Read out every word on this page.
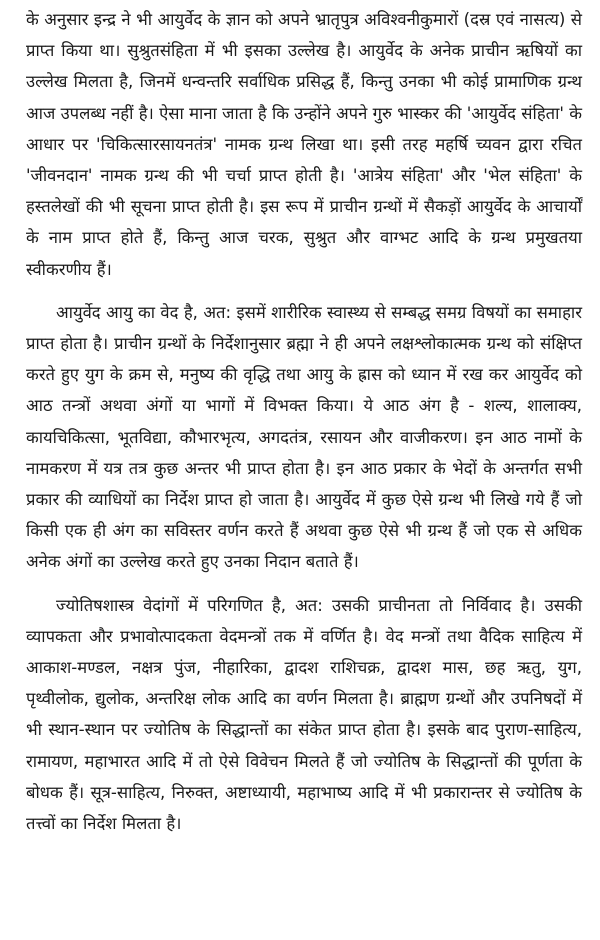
के अनुसार इन्द्र ने भी आयुर्वेद के ज्ञान को अपने भ्रातृपुत्र अविश्वनीकुमारों (दस्र एवं नासत्य) से प्राप्त किया था। सुश्रुतसंहिता में भी इसका उल्लेख है। आयुर्वेद के अनेक प्राचीन ऋषियों का उल्लेख मिलता है, जिनमें धन्वन्तरि सर्वाधिक प्रसिद्ध हैं, किन्तु उनका भी कोई प्रामाणिक ग्रन्थ आज उपलब्ध नहीं है। ऐसा माना जाता है कि उन्होंने अपने गुरु भास्कर की 'आयुर्वेद संहिता' के आधार पर 'चिकित्सारसायनतंत्र' नामक ग्रन्थ लिखा था। इसी तरह महर्षि च्यवन द्वारा रचित 'जीवनदान' नामक ग्रन्थ की भी चर्चा प्राप्त होती है। 'आत्रेय संहिता' और 'भेल संहिता' के हस्तलेखों की भी सूचना प्राप्त होती है। इस रूप में प्राचीन ग्रन्थों में सैकड़ों आयुर्वेद के आचार्यों के नाम प्राप्त होते हैं, किन्तु आज चरक, सुश्रुत और वाग्भट आदि के ग्रन्थ प्रमुखतया स्वीकरणीय हैं।

आयुर्वेद आयु का वेद है, अत: इसमें शारीरिक स्वास्थ्य से सम्बद्ध समग्र विषयों का समाहार प्राप्त होता है। प्राचीन ग्रन्थों के निर्देशानुसार ब्रह्मा ने ही अपने लक्षश्लोकात्मक ग्रन्थ को संक्षिप्त करते हुए युग के क्रम से, मनुष्य की वृद्धि तथा आयु के ह्रास को ध्यान में रख कर आयुर्वेद को आठ तन्त्रों अथवा अंगों या भागों में विभक्त किया। ये आठ अंग है - शल्य, शालाक्य, कायचिकित्सा, भूतविद्या, कौभारभृत्य, अगदतंत्र, रसायन और वाजीकरण। इन आठ नामों के नामकरण में यत्र तत्र कुछ अन्तर भी प्राप्त होता है। इन आठ प्रकार के भेदों के अन्तर्गत सभी प्रकार की व्याधियों का निर्देश प्राप्त हो जाता है। आयुर्वेद में कुछ ऐसे ग्रन्थ भी लिखे गये हैं जो किसी एक ही अंग का सविस्तर वर्णन करते हैं अथवा कुछ ऐसे भी ग्रन्थ हैं जो एक से अधिक अनेक अंगों का उल्लेख करते हुए उनका निदान बताते हैं।

ज्योतिषशास्त्र वेदांगों में परिगणित है, अत: उसकी प्राचीनता तो निर्विवाद है। उसकी व्यापकता और प्रभावोत्पादकता वेदमन्त्रों तक में वर्णित है। वेद मन्त्रों तथा वैदिक साहित्य में आकाश-मण्डल, नक्षत्र पुंज, नीहारिका, द्वादश राशिचक्र, द्वादश मास, छह ऋतु, युग, पृथ्वीलोक, द्युलोक, अन्तरिक्ष लोक आदि का वर्णन मिलता है। ब्राह्मण ग्रन्थों और उपनिषदों में भी स्थान-स्थान पर ज्योतिष के सिद्धान्तों का संकेत प्राप्त होता है। इसके बाद पुराण-साहित्य, रामायण, महाभारत आदि में तो ऐसे विवेचन मिलते हैं जो ज्योतिष के सिद्धान्तों की पूर्णता के बोधक हैं। सूत्र-साहित्य, निरुक्त, अष्टाध्यायी, महाभाष्य आदि में भी प्रकारान्तर से ज्योतिष के तत्त्वों का निर्देश मिलता है।
